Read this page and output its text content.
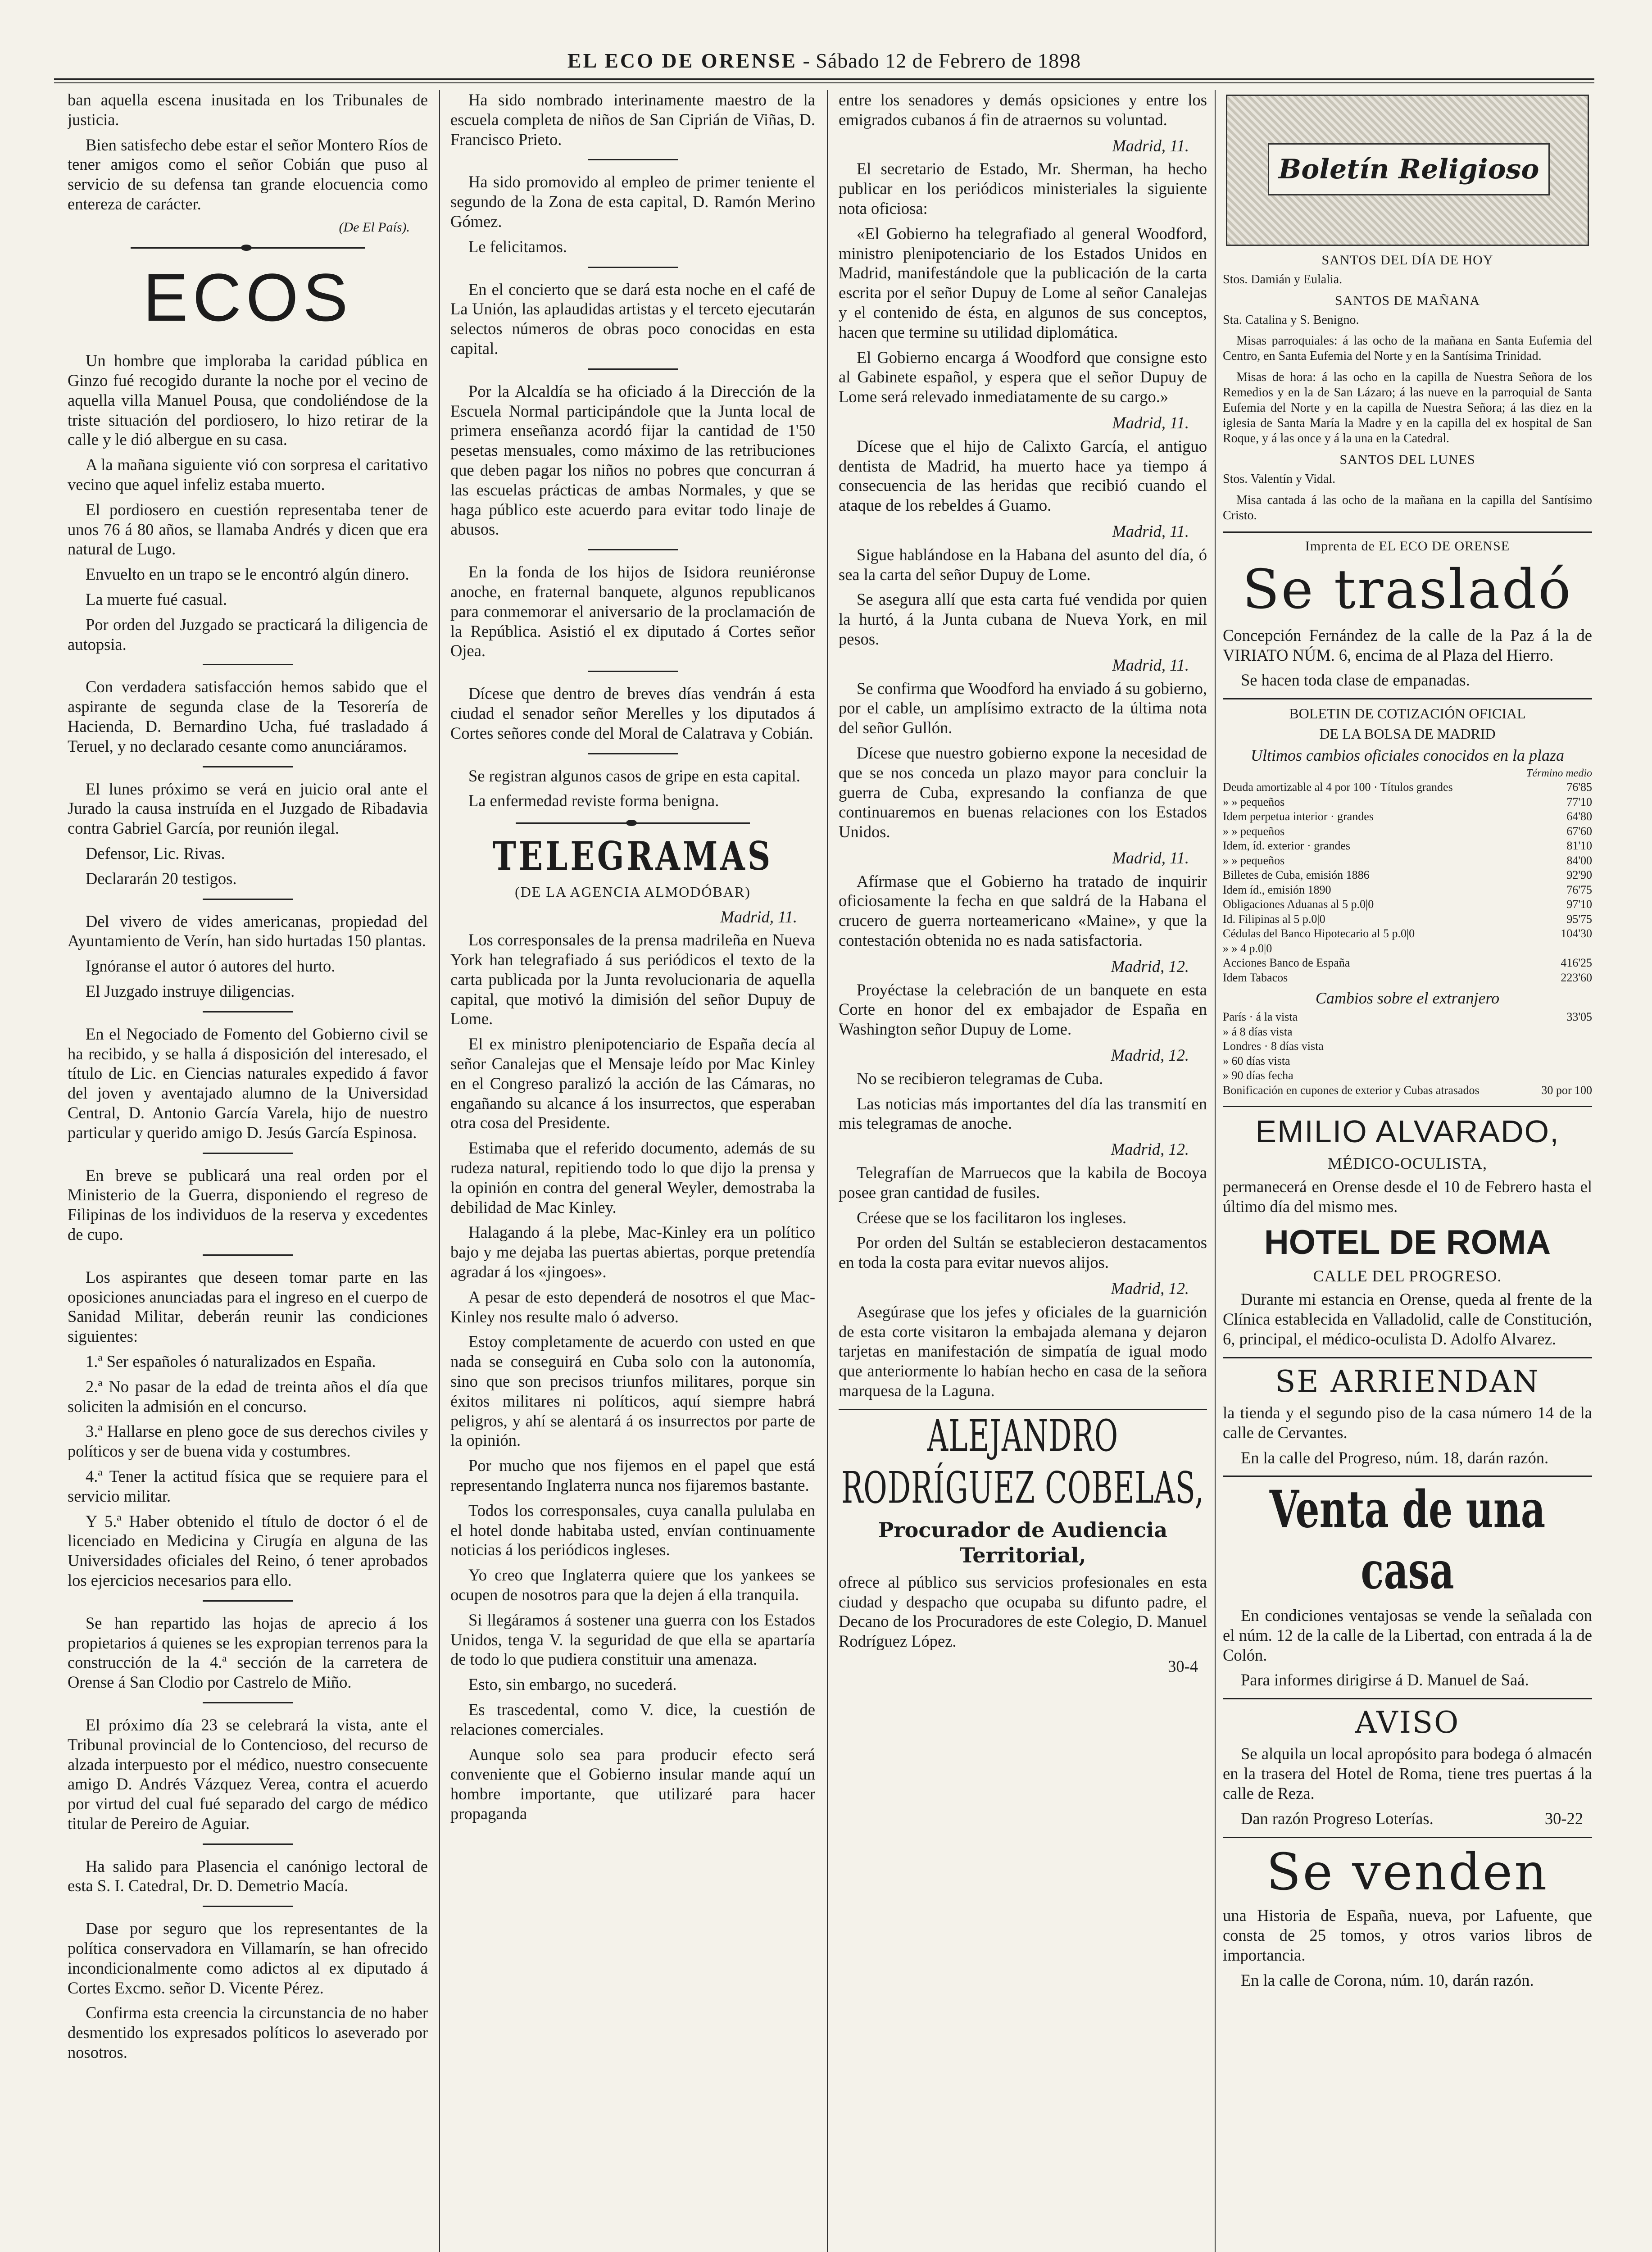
EL ECO DE ORENSE - Sábado 12 de Febrero de 1898

ban aquella escena inusitada en los Tribunales de justicia.

Bien satisfecho debe estar el señor Montero Ríos de tener amigos como el señor Cobián que puso al servicio de su defensa tan grande elocuencia como entereza de carácter.

(De El País).
ECOS

Un hombre que imploraba la caridad pública en Ginzo fué recogido durante la noche por el vecino de aquella villa Manuel Pousa, que condoliéndose de la triste situación del pordiosero, lo hizo retirar de la calle y le dió albergue en su casa.

A la mañana siguiente vió con sorpresa el caritativo vecino que aquel infeliz estaba muerto.

El pordiosero en cuestión representaba tener de unos 76 á 80 años, se llamaba Andrés y dicen que era natural de Lugo.

Envuelto en un trapo se le encontró algún dinero.

La muerte fué casual.

Por orden del Juzgado se practicará la diligencia de autopsia.

Con verdadera satisfacción hemos sabido que el aspirante de segunda clase de la Tesorería de Hacienda, D. Bernardino Ucha, fué trasladado á Teruel, y no declarado cesante como anunciáramos.

El lunes próximo se verá en juicio oral ante el Jurado la causa instruída en el Juzgado de Ribadavia contra Gabriel García, por reunión ilegal.

Defensor, Lic. Rivas.

Declararán 20 testigos.

Del vivero de vides americanas, propiedad del Ayuntamiento de Verín, han sido hurtadas 150 plantas.

Ignóranse el autor ó autores del hurto.

El Juzgado instruye diligencias.

En el Negociado de Fomento del Gobierno civil se ha recibido, y se halla á disposición del interesado, el título de Lic. en Ciencias naturales expedido á favor del joven y aventajado alumno de la Universidad Central, D. Antonio García Varela, hijo de nuestro particular y querido amigo D. Jesús García Espinosa.

En breve se publicará una real orden por el Ministerio de la Guerra, disponiendo el regreso de Filipinas de los individuos de la reserva y excedentes de cupo.

Los aspirantes que deseen tomar parte en las oposiciones anunciadas para el ingreso en el cuerpo de Sanidad Militar, deberán reunir las condiciones siguientes:

1.ª Ser españoles ó naturalizados en España.

2.ª No pasar de la edad de treinta años el día que soliciten la admisión en el concurso.

3.ª Hallarse en pleno goce de sus derechos civiles y políticos y ser de buena vida y costumbres.

4.ª Tener la actitud física que se requiere para el servicio militar.

Y 5.ª Haber obtenido el título de doctor ó el de licenciado en Medicina y Cirugía en alguna de las Universidades oficiales del Reino, ó tener aprobados los ejercicios necesarios para ello.

Se han repartido las hojas de aprecio á los propietarios á quienes se les expropian terrenos para la construcción de la 4.ª sección de la carretera de Orense á San Clodio por Castrelo de Miño.

El próximo día 23 se celebrará la vista, ante el Tribunal provincial de lo Contencioso, del recurso de alzada interpuesto por el médico, nuestro consecuente amigo D. Andrés Vázquez Verea, contra el acuerdo por virtud del cual fué separado del cargo de médico titular de Pereiro de Aguiar.

Ha salido para Plasencia el canónigo lectoral de esta S. I. Catedral, Dr. D. Demetrio Macía.

Dase por seguro que los representantes de la política conservadora en Villamarín, se han ofrecido incondicionalmente como adictos al ex diputado á Cortes Excmo. señor D. Vicente Pérez.

Confirma esta creencia la circunstancia de no haber desmentido los expresados políticos lo aseverado por nosotros.

Ha sido nombrado interinamente maestro de la escuela completa de niños de San Ciprián de Viñas, D. Francisco Prieto.

Ha sido promovido al empleo de primer teniente el segundo de la Zona de esta capital, D. Ramón Merino Gómez.

Le felicitamos.

En el concierto que se dará esta noche en el café de La Unión, las aplaudidas artistas y el terceto ejecutarán selectos números de obras poco conocidas en esta capital.

Por la Alcaldía se ha oficiado á la Dirección de la Escuela Normal participándole que la Junta local de primera enseñanza acordó fijar la cantidad de 1'50 pesetas mensuales, como máximo de las retribuciones que deben pagar los niños no pobres que concurran á las escuelas prácticas de ambas Normales, y que se haga público este acuerdo para evitar todo linaje de abusos.

En la fonda de los hijos de Isidora reuniéronse anoche, en fraternal banquete, algunos republicanos para conmemorar el aniversario de la proclamación de la República. Asistió el ex diputado á Cortes señor Ojea.

Dícese que dentro de breves días vendrán á esta ciudad el senador señor Merelles y los diputados á Cortes señores conde del Moral de Calatrava y Cobián.

Se registran algunos casos de gripe en esta capital.

La enfermedad reviste forma benigna.

TELEGRAMAS
(DE LA AGENCIA ALMODÓBAR)
Madrid, 11.

Los corresponsales de la prensa madrileña en Nueva York han telegrafiado á sus periódicos el texto de la carta publicada por la Junta revolucionaria de aquella capital, que motivó la dimisión del señor Dupuy de Lome.

El ex ministro plenipotenciario de España decía al señor Canalejas que el Mensaje leído por Mac Kinley en el Congreso paralizó la acción de las Cámaras, no engañando su alcance á los insurrectos, que esperaban otra cosa del Presidente.

Estimaba que el referido documento, además de su rudeza natural, repitiendo todo lo que dijo la prensa y la opinión en contra del general Weyler, demostraba la debilidad de Mac Kinley.

Halagando á la plebe, Mac-Kinley era un político bajo y me dejaba las puertas abiertas, porque pretendía agradar á los «jingoes».

A pesar de esto dependerá de nosotros el que Mac-Kinley nos resulte malo ó adverso.

Estoy completamente de acuerdo con usted en que nada se conseguirá en Cuba solo con la autonomía, sino que son precisos triunfos militares, porque sin éxitos militares ni políticos, aquí siempre habrá peligros, y ahí se alentará á os insurrectos por parte de la opinión.

Por mucho que nos fijemos en el papel que está representando Inglaterra nunca nos fijaremos bastante.

Todos los corresponsales, cuya canalla pululaba en el hotel donde habitaba usted, envían continuamente noticias á los periódicos ingleses.

Yo creo que Inglaterra quiere que los yankees se ocupen de nosotros para que la dejen á ella tranquila.

Si llegáramos á sostener una guerra con los Estados Unidos, tenga V. la seguridad de que ella se apartaría de todo lo que pudiera constituir una amenaza.

Esto, sin embargo, no sucederá.

Es trascedental, como V. dice, la cuestión de relaciones comerciales.

Aunque solo sea para producir efecto será conveniente que el Gobierno insular mande aquí un hombre importante, que utilizaré para hacer propaganda

entre los senadores y demás opsiciones y entre los emigrados cubanos á fin de atraernos su voluntad.

Madrid, 11.

El secretario de Estado, Mr. Sherman, ha hecho publicar en los periódicos ministeriales la siguiente nota oficiosa:

«El Gobierno ha telegrafiado al general Woodford, ministro plenipotenciario de los Estados Unidos en Madrid, manifestándole que la publicación de la carta escrita por el señor Dupuy de Lome al señor Canalejas y el contenido de ésta, en algunos de sus conceptos, hacen que termine su utilidad diplomática.

El Gobierno encarga á Woodford que consigne esto al Gabinete español, y espera que el señor Dupuy de Lome será relevado inmediatamente de su cargo.»

Madrid, 11.

Dícese que el hijo de Calixto García, el antiguo dentista de Madrid, ha muerto hace ya tiempo á consecuencia de las heridas que recibió cuando el ataque de los rebeldes á Guamo.

Madrid, 11.

Sigue hablándose en la Habana del asunto del día, ó sea la carta del señor Dupuy de Lome.

Se asegura allí que esta carta fué vendida por quien la hurtó, á la Junta cubana de Nueva York, en mil pesos.

Madrid, 11.

Se confirma que Woodford ha enviado á su gobierno, por el cable, un amplísimo extracto de la última nota del señor Gullón.

Dícese que nuestro gobierno expone la necesidad de que se nos conceda un plazo mayor para concluir la guerra de Cuba, expresando la confianza de que continuaremos en buenas relaciones con los Estados Unidos.

Madrid, 11.

Afírmase que el Gobierno ha tratado de inquirir oficiosamente la fecha en que saldrá de la Habana el crucero de guerra norteamericano «Maine», y que la contestación obtenida no es nada satisfactoria.

Madrid, 12.

Proyéctase la celebración de un banquete en esta Corte en honor del ex embajador de España en Washington señor Dupuy de Lome.

Madrid, 12.

No se recibieron telegramas de Cuba.

Las noticias más importantes del día las transmití en mis telegramas de anoche.

Madrid, 12.

Telegrafían de Marruecos que la kabila de Bocoya posee gran cantidad de fusiles.

Créese que se los facilitaron los ingleses.

Por orden del Sultán se establecieron destacamentos en toda la costa para evitar nuevos alijos.

Madrid, 12.

Asegúrase que los jefes y oficiales de la guarnición de esta corte visitaron la embajada alemana y dejaron tarjetas en manifestación de simpatía de igual modo que anteriormente lo habían hecho en casa de la señora marquesa de la Laguna.

ALEJANDRO RODRÍGUEZ COBELAS,
Procurador de Audiencia Territorial,

ofrece al público sus servicios profesionales en esta ciudad y despacho que ocupaba su difunto padre, el Decano de los Procuradores de este Colegio, D. Manuel Rodríguez López.

30-4
Boletín Religioso
SANTOS DEL DÍA DE HOY

Stos. Damián y Eulalia.

SANTOS DE MAÑANA

Sta. Catalina y S. Benigno.

Misas parroquiales: á las ocho de la mañana en Santa Eufemia del Centro, en Santa Eufemia del Norte y en la Santísima Trinidad.

Misas de hora: á las ocho en la capilla de Nuestra Señora de los Remedios y en la de San Lázaro; á las nueve en la parroquial de Santa Eufemia del Norte y en la capilla de Nuestra Señora; á las diez en la iglesia de Santa María la Madre y en la capilla del ex hospital de San Roque, y á las once y á la una en la Catedral.

SANTOS DEL LUNES

Stos. Valentín y Vidal.

Misa cantada á las ocho de la mañana en la capilla del Santísimo Cristo.

Imprenta de EL ECO DE ORENSE
Se trasladó

Concepción Fernández de la calle de la Paz á la de VIRIATO NÚM. 6, encima de al Plaza del Hierro.

Se hacen toda clase de empanadas.

BOLETIN DE COTIZACIÓN OFICIAL
DE LA BOLSA DE MADRID
Ultimos cambios oficiales conocidos en la plaza
Término medio
Deuda amortizable al 4 por 100 · Títulos grandes	76'85
» » pequeños	77'10
Idem perpetua interior · grandes	64'80
» » pequeños	67'60
Idem, íd. exterior · grandes	81'10
» » pequeños	84'00
Billetes de Cuba, emisión 1886	92'90
Idem íd., emisión 1890	76'75
Obligaciones Aduanas al 5 p.0|0	97'10
Id. Filipinas al 5 p.0|0	95'75
Cédulas del Banco Hipotecario al 5 p.0|0	104'30
» » 4 p.0|0
Acciones Banco de España	416'25
Idem Tabacos	223'60
Cambios sobre el extranjero
París · á la vista	33'05
» á 8 días vista
Londres · 8 días vista
» 60 días vista
» 90 días fecha
Bonificación en cupones de exterior y Cubas atrasados	30 por 100
EMILIO ALVARADO,
MÉDICO-OCULISTA,

permanecerá en Orense desde el 10 de Febrero hasta el último día del mismo mes.

HOTEL DE ROMA
CALLE DEL PROGRESO.

Durante mi estancia en Orense, queda al frente de la Clínica establecida en Valladolid, calle de Constitución, 6, principal, el médico-oculista D. Adolfo Alvarez.

SE ARRIENDAN

la tienda y el segundo piso de la casa número 14 de la calle de Cervantes.

En la calle del Progreso, núm. 18, darán razón.

Venta de una casa

En condiciones ventajosas se vende la señalada con el núm. 12 de la calle de la Libertad, con entrada á la de Colón.

Para informes dirigirse á D. Manuel de Saá.

AVISO

Se alquila un local apropósito para bodega ó almacén en la trasera del Hotel de Roma, tiene tres puertas á la calle de Reza.

Dan razón Progreso Loterías.	30-22
Se venden

una Historia de España, nueva, por Lafuente, que consta de 25 tomos, y otros varios libros de importancia.

En la calle de Corona, núm. 10, darán razón.
